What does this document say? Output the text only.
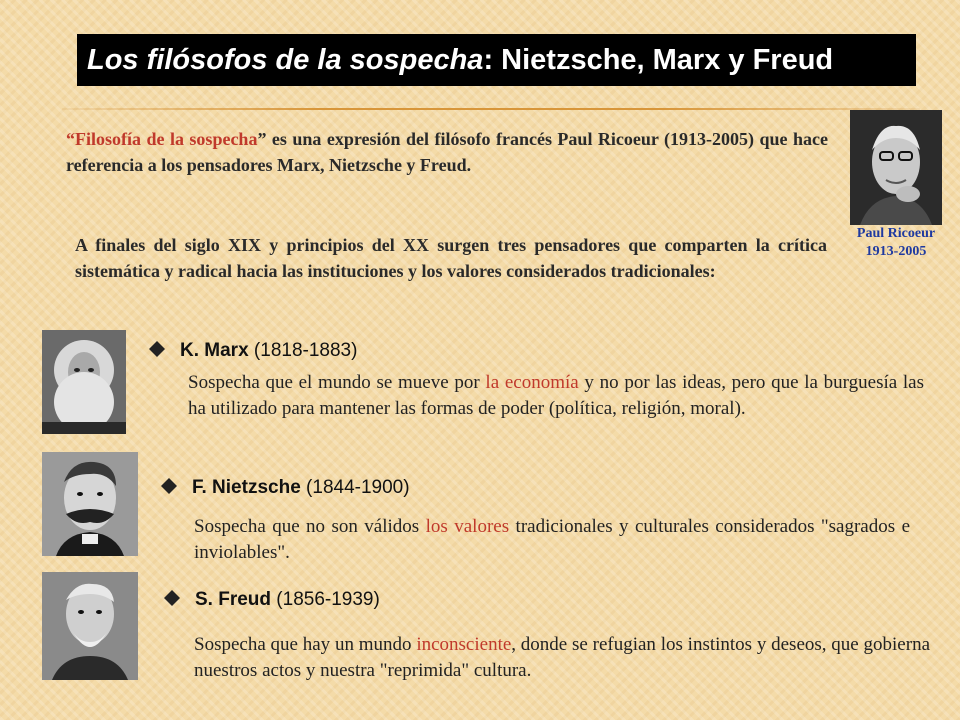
Los filósofos de la sospecha: Nietzsche, Marx y Freud
“Filosofía de la sospecha” es una expresión del filósofo francés Paul Ricoeur (1913-2005) que hace referencia a los pensadores Marx, Nietzsche y Freud.
A finales del siglo XIX y principios del XX surgen tres pensadores que comparten la crítica sistemática y radical hacia las instituciones y los valores considerados tradicionales:
Paul Ricoeur
1913-2005
K. Marx (1818-1883)
Sospecha que el mundo se mueve por la economía y no por las ideas, pero que la burguesía las ha utilizado para mantener las formas de poder (política, religión, moral).
F. Nietzsche (1844-1900)
Sospecha que no son válidos los valores tradicionales y culturales considerados "sagrados e inviolables".
S. Freud (1856-1939)
Sospecha que hay un mundo inconsciente, donde se refugian los instintos y deseos, que gobierna nuestros actos y nuestra "reprimida" cultura.
